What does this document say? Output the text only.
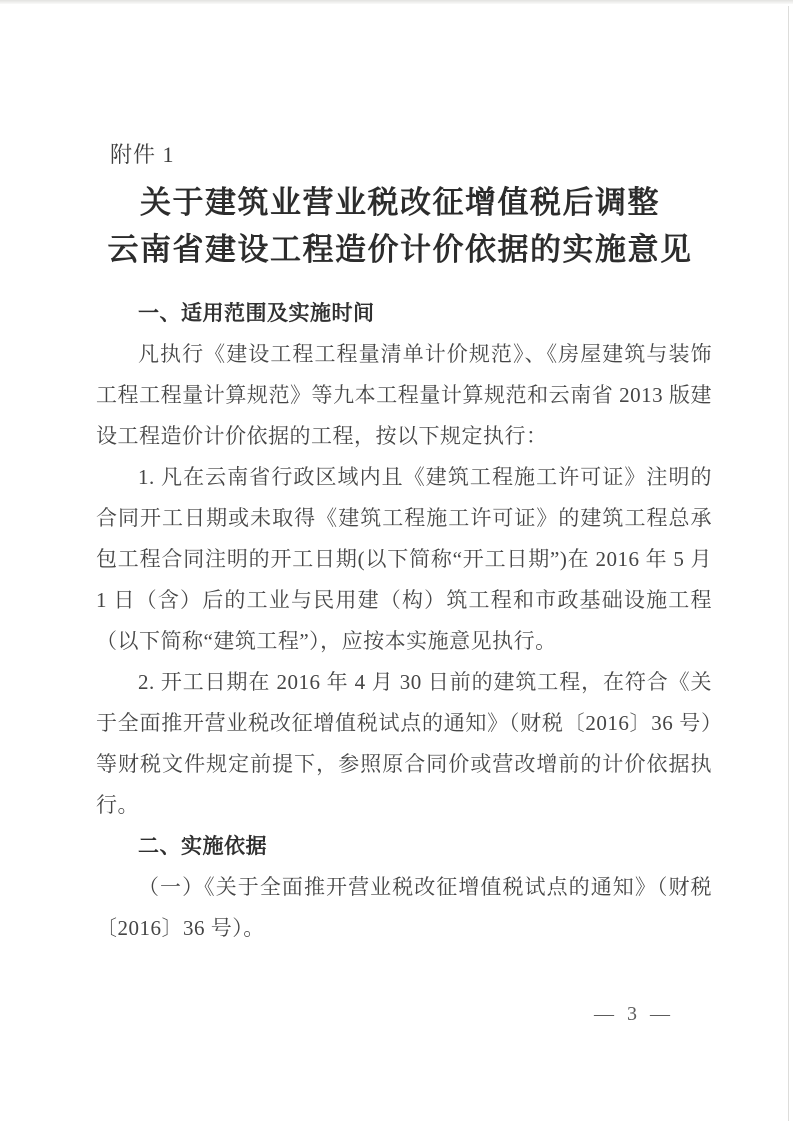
附件 1
关于建筑业营业税改征增值税后调整
云南省建设工程造价计价依据的实施意见
一、适用范围及实施时间

凡执行《建设工程工程量清单计价规范》、《房屋建筑与装饰工程工程量计算规范》等九本工程量计算规范和云南省 2013 版建设工程造价计价依据的工程，按以下规定执行：

1. 凡在云南省行政区域内且《建筑工程施工许可证》注明的合同开工日期或未取得《建筑工程施工许可证》的建筑工程总承包工程合同注明的开工日期(以下简称“开工日期”)在 2016 年 5 月 1 日（含）后的工业与民用建（构）筑工程和市政基础设施工程（以下简称“建筑工程”），应按本实施意见执行。

2. 开工日期在 2016 年 4 月 30 日前的建筑工程，在符合《关于全面推开营业税改征增值税试点的通知》（财税〔2016〕36 号）等财税文件规定前提下，参照原合同价或营改增前的计价依据执行。

二、实施依据

（一）《关于全面推开营业税改征增值税试点的通知》（财税〔2016〕36 号）。

— 3 —
